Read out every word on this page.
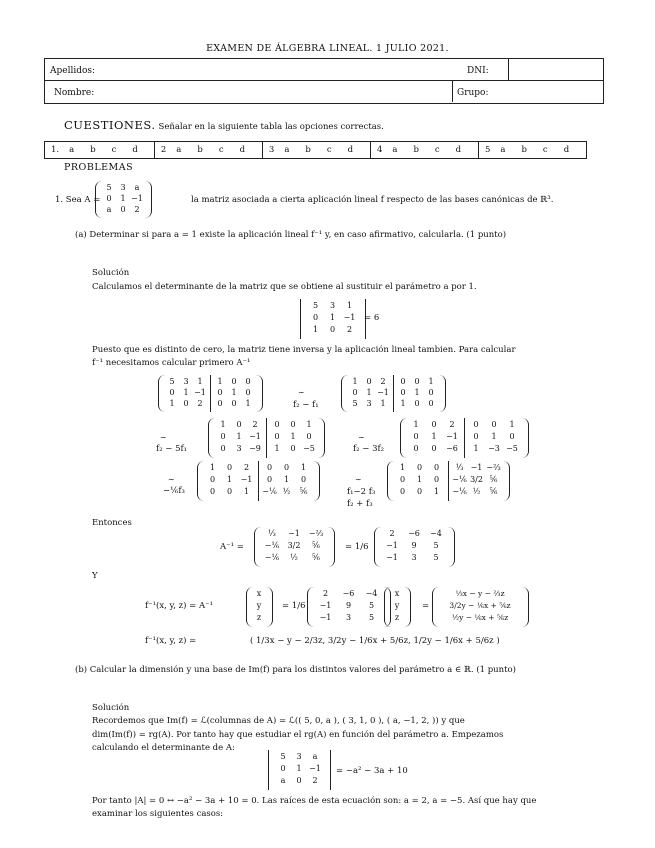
EXAMEN DE ÁLGEBRA LINEAL. 1 JULIO 2021.
Apellidos:	DNI:
Nombre:	Grupo:
CUESTIONES. Señalar en la siguiente tabla las opciones correctas.
1. a b c d	2 a b c d	3 a b c d	4 a b c d	5 a b c d
PROBLEMAS
1. Sea A =
5	3	a
0	1 −1
a	0	2
la matriz asociada a cierta aplicación lineal f respecto de las bases canónicas de ℝ³.
(a) Determinar si para a = 1 existe la aplicación lineal f⁻¹ y, en caso afirmativo, calcularla. (1 punto)
Solución
Calculamos el determinante de la matriz que se obtiene al sustituir el parámetro a por 1.
5	3	1
0	1	−1
1	0	2
= 6
Puesto que es distinto de cero, la matriz tiene inversa y la aplicación lineal tambien. Para calcular
f⁻¹ necesitamos calcular primero A⁻¹
5	3	1	1	0	0
0	1 −1	0	1	0
1	0	2	0	0	1
∼
f₂ − f₁
1	0	2	0	0	1
0	1 −1	0	1	0
5	3	1	1	0	0
∼
f₂ − 5f₁
1	0	2	0	0	1
0	1 −1	0	1	0
0	3 −9	1	0 −5
∼
f₂ − 3f₂
1	0	2	0	0	1
0	1	−1	0	1	0
0	0	−6	1	−3 −5
∼
−⅙f₃
1	0	2	0	0	1
0	1	−1	0	1	0
0	0	1	−⅙ ½	⅚
∼
f₁−2 f₃
f₂ + f₃
1	0	0	⅓ −1 −⅔
0	1	0	−⅙ 3/2 ⅚
0	0	1	−⅙ ½	⅚
Entonces
A⁻¹ =
⅓	−1	−⅔
−⅙	3/2	⅚
−⅙	½	⅚
= 1/6
2	−6	−4
−1	9	5
−1	3	5
Y
f⁻¹(x, y, z) = A⁻¹
x
y
z
= 1/6
2	−6	−4
−1	9	5
−1	3	5
x
y
z
=
⅓x − y − ⅔z
3/2y − ⅙x + ⅚z
½y − ⅙x + ⅚z
f⁻¹(x, y, z) =	( 1/3x − y − 2/3z, 3/2y − 1/6x + 5/6z, 1/2y − 1/6x + 5/6z )
(b) Calcular la dimensión y una base de Im(f) para los distintos valores del parámetro a ∈ ℝ. (1 punto)
Solución
Recordemos que Im(f) = ℒ(columnas de A) = ℒ(( 5, 0, a ), ( 3, 1, 0 ), ( a, −1, 2, )) y que
dim(Im(f)) = rg(A). Por tanto hay que estudiar el rg(A) en función del parámetro a. Empezamos
calculando el determinante de A:
5	3	a
0	1 −1
a	0	2
= −a² − 3a + 10
Por tanto |A| = 0 ↔ −a² − 3a + 10 = 0. Las raíces de esta ecuación son: a = 2, a = −5. Así que hay que
examinar los siguientes casos:
